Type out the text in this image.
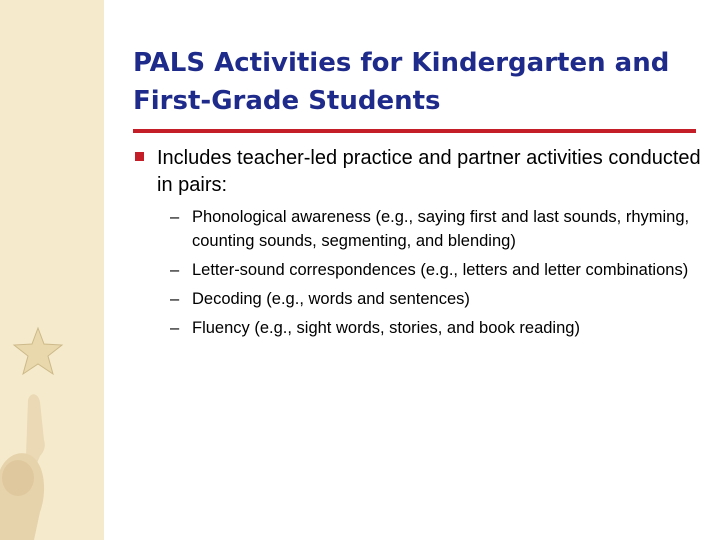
PALS Activities for Kindergarten and First-Grade Students
Includes teacher-led practice and partner activities conducted in pairs:
– Phonological awareness (e.g., saying first and last sounds, rhyming, counting sounds, segmenting, and blending)
– Letter-sound correspondences (e.g., letters and letter combinations)
– Decoding (e.g., words and sentences)
– Fluency (e.g., sight words, stories, and book reading)
